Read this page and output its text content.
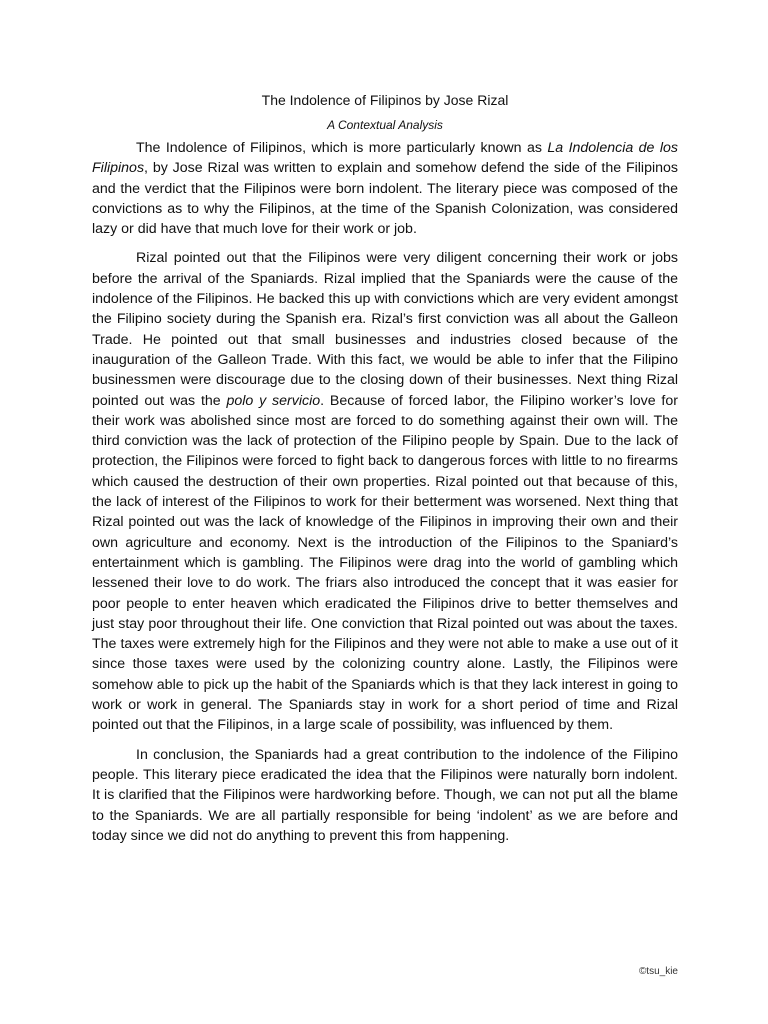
The Indolence of Filipinos by Jose Rizal
A Contextual Analysis

The Indolence of Filipinos, which is more particularly known as La Indolencia de los Filipinos, by Jose Rizal was written to explain and somehow defend the side of the Filipinos and the verdict that the Filipinos were born indolent. The literary piece was composed of the convictions as to why the Filipinos, at the time of the Spanish Colonization, was considered lazy or did have that much love for their work or job.

Rizal pointed out that the Filipinos were very diligent concerning their work or jobs before the arrival of the Spaniards. Rizal implied that the Spaniards were the cause of the indolence of the Filipinos. He backed this up with convictions which are very evident amongst the Filipino society during the Spanish era. Rizal’s first conviction was all about the Galleon Trade. He pointed out that small businesses and industries closed because of the inauguration of the Galleon Trade. With this fact, we would be able to infer that the Filipino businessmen were discourage due to the closing down of their businesses. Next thing Rizal pointed out was the polo y servicio. Because of forced labor, the Filipino worker’s love for their work was abolished since most are forced to do something against their own will. The third conviction was the lack of protection of the Filipino people by Spain. Due to the lack of protection, the Filipinos were forced to fight back to dangerous forces with little to no firearms which caused the destruction of their own properties. Rizal pointed out that because of this, the lack of interest of the Filipinos to work for their betterment was worsened. Next thing that Rizal pointed out was the lack of knowledge of the Filipinos in improving their own and their own agriculture and economy. Next is the introduction of the Filipinos to the Spaniard’s entertainment which is gambling. The Filipinos were drag into the world of gambling which lessened their love to do work. The friars also introduced the concept that it was easier for poor people to enter heaven which eradicated the Filipinos drive to better themselves and just stay poor throughout their life. One conviction that Rizal pointed out was about the taxes. The taxes were extremely high for the Filipinos and they were not able to make a use out of it since those taxes were used by the colonizing country alone. Lastly, the Filipinos were somehow able to pick up the habit of the Spaniards which is that they lack interest in going to work or work in general. The Spaniards stay in work for a short period of time and Rizal pointed out that the Filipinos, in a large scale of possibility, was influenced by them.

In conclusion, the Spaniards had a great contribution to the indolence of the Filipino people. This literary piece eradicated the idea that the Filipinos were naturally born indolent. It is clarified that the Filipinos were hardworking before. Though, we can not put all the blame to the Spaniards. We are all partially responsible for being ‘indolent’ as we are before and today since we did not do anything to prevent this from happening.

©tsu_kie
